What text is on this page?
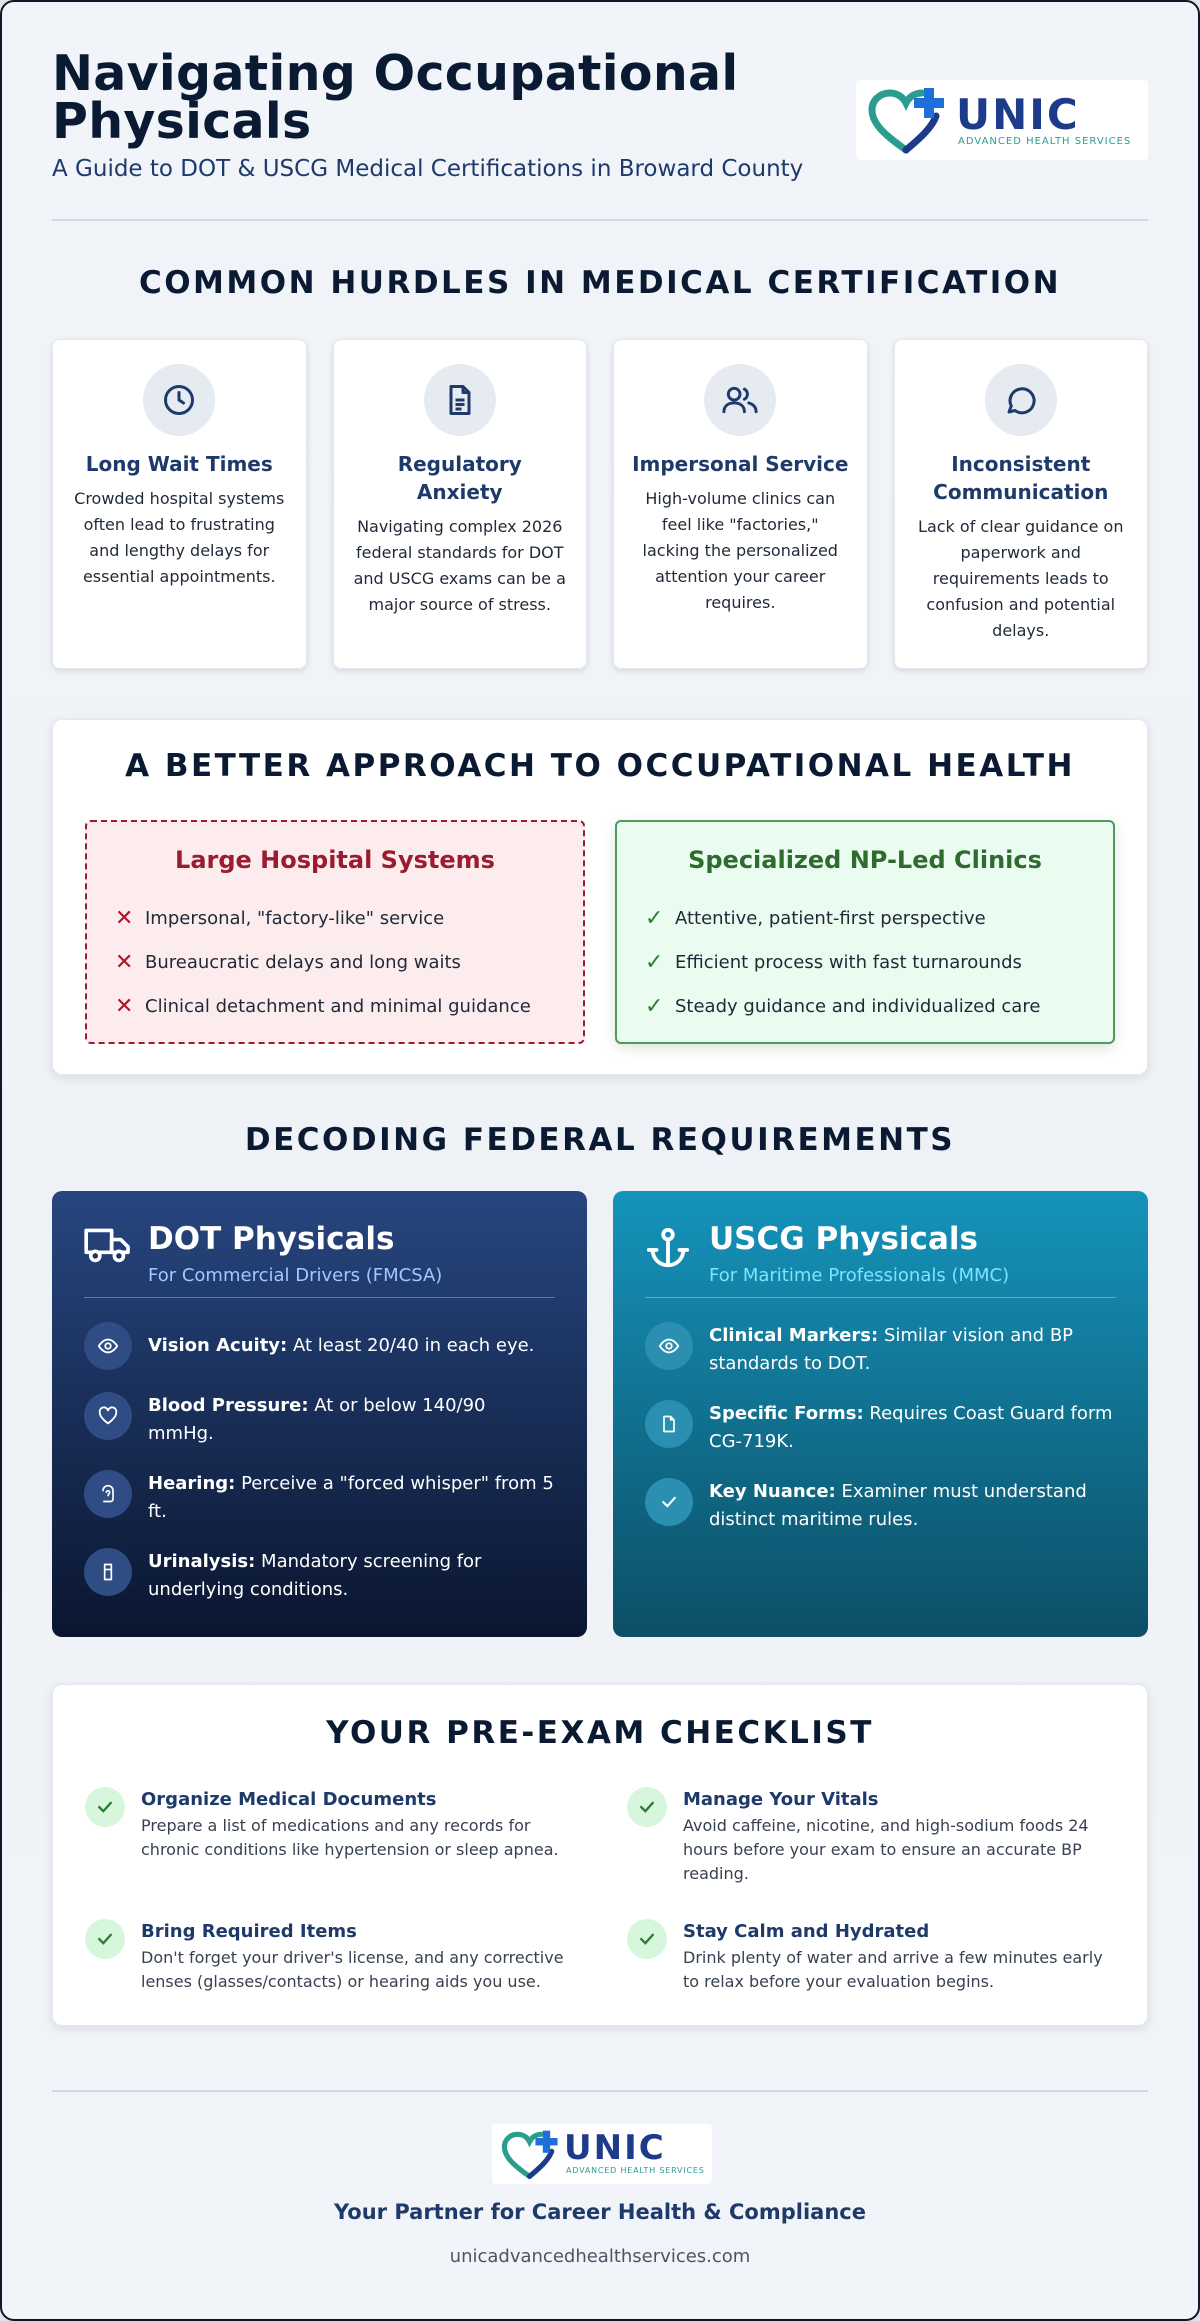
Navigating Occupational Physicals
A Guide to DOT & USCG Medical Certifications in Broward County
UNIC
ADVANCED HEALTH SERVICES
COMMON HURDLES IN MEDICAL CERTIFICATION
Long Wait Times
Crowded hospital systems often lead to frustrating and lengthy delays for essential appointments.
Regulatory Anxiety
Navigating complex 2026 federal standards for DOT and USCG exams can be a major source of stress.
Impersonal Service
High-volume clinics can feel like "factories," lacking the personalized attention your career requires.
Inconsistent Communication
Lack of clear guidance on paperwork and requirements leads to confusion and potential delays.
A BETTER APPROACH TO OCCUPATIONAL HEALTH
Large Hospital Systems
✕ Impersonal, "factory-like" service
✕ Bureaucratic delays and long waits
✕ Clinical detachment and minimal guidance
Specialized NP-Led Clinics
✓ Attentive, patient-first perspective
✓ Efficient process with fast turnarounds
✓ Steady guidance and individualized care
DECODING FEDERAL REQUIREMENTS
DOT Physicals
For Commercial Drivers (FMCSA)
Vision Acuity: At least 20/40 in each eye.
Blood Pressure: At or below 140/90 mmHg.
Hearing: Perceive a "forced whisper" from 5 ft.
Urinalysis: Mandatory screening for underlying conditions.
USCG Physicals
For Maritime Professionals (MMC)
Clinical Markers: Similar vision and BP standards to DOT.
Specific Forms: Requires Coast Guard form CG-719K.
Key Nuance: Examiner must understand distinct maritime rules.
YOUR PRE-EXAM CHECKLIST
Organize Medical Documents
Prepare a list of medications and any records for chronic conditions like hypertension or sleep apnea.
Manage Your Vitals
Avoid caffeine, nicotine, and high-sodium foods 24 hours before your exam to ensure an accurate BP reading.
Bring Required Items
Don't forget your driver's license, and any corrective lenses (glasses/contacts) or hearing aids you use.
Stay Calm and Hydrated
Drink plenty of water and arrive a few minutes early to relax before your evaluation begins.
UNIC
ADVANCED HEALTH SERVICES
Your Partner for Career Health & Compliance
unicadvancedhealthservices.com
